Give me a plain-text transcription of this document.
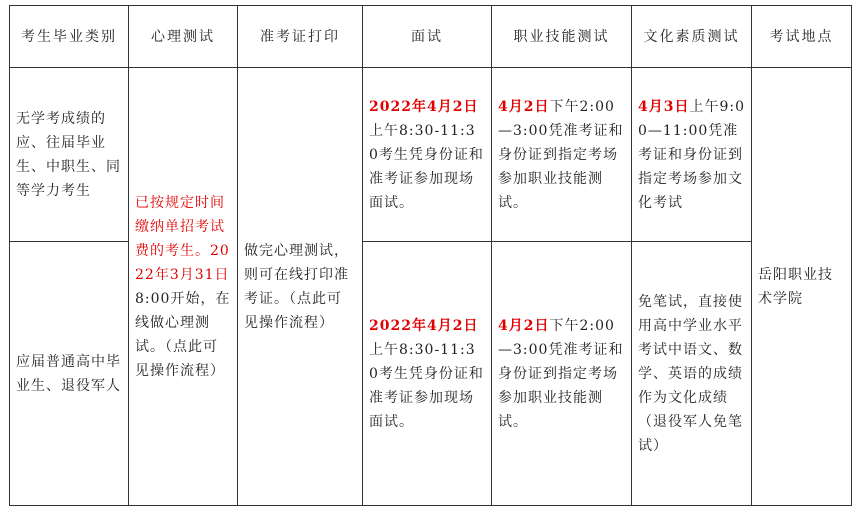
考生毕业类别	心理测试	准考证打印	面试	职业技能测试	文化素质测试	考试地点
无学考成绩的应、往届毕业生、中职生、同等学力考生	已按规定时间缴纳单招考试费的考生。2022年3月31日8:00开始，在线做心理测试。（点此可见操作流程）	做完心理测试，则可在线打印准考证。（点此可见操作流程）	2022年4月2日上午8:30-11:30考生凭身份证和准考证参加现场面试。	4月2日下午2:00—3:00凭准考证和身份证到指定考场参加职业技能测试。	4月3日上午9:00—11:00凭准考证和身份证到指定考场参加文化考试	岳阳职业技术学院
应届普通高中毕业生、退役军人			2022年4月2日上午8:30-11:30考生凭身份证和准考证参加现场面试。	4月2日下午2:00—3:00凭准考证和身份证到指定考场参加职业技能测试。	免笔试，直接使用高中学业水平考试中语文、数学、英语的成绩作为文化成绩（退役军人免笔试）	
